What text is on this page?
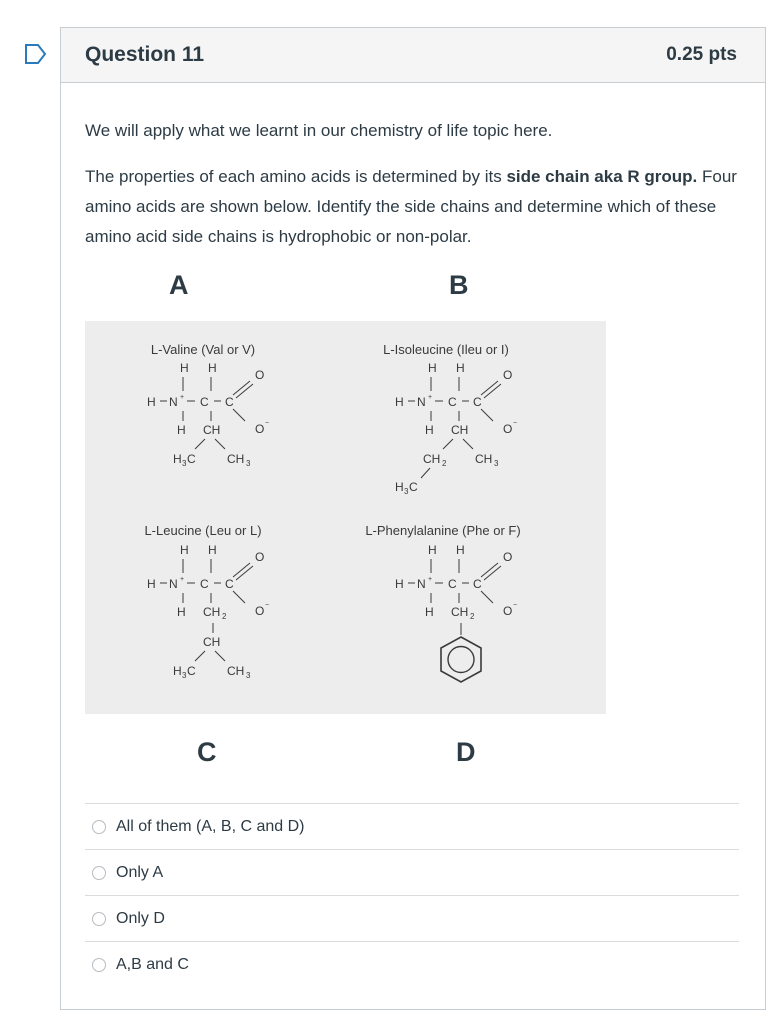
Question 11	0.25 pts

We will apply what we learnt in our chemistry of life topic here.

The properties of each amino acids is determined by its side chain aka R group. Four amino acids are shown below. Identify the side chains and determine which of these amino acid side chains is hydrophobic or non-polar.

A	B
C	D
L-Valine (Val or V)
H H
H N + C C
O
O −
H CH
H 3 C	CH 3
L-Isoleucine (Ileu or I)
H H
H N + C C
O
O −
H CH
CH 2 CH 3
H 3 C
L-Leucine (Leu or L)
H H
H N + C C
O
O −
H CH 2
CH
H 3 C	CH 3
L-Phenylalanine (Phe or F)
H H
H N + C C
O
O −
H CH 2
All of them (A, B, C and D)
Only A
Only D
A,B and C
